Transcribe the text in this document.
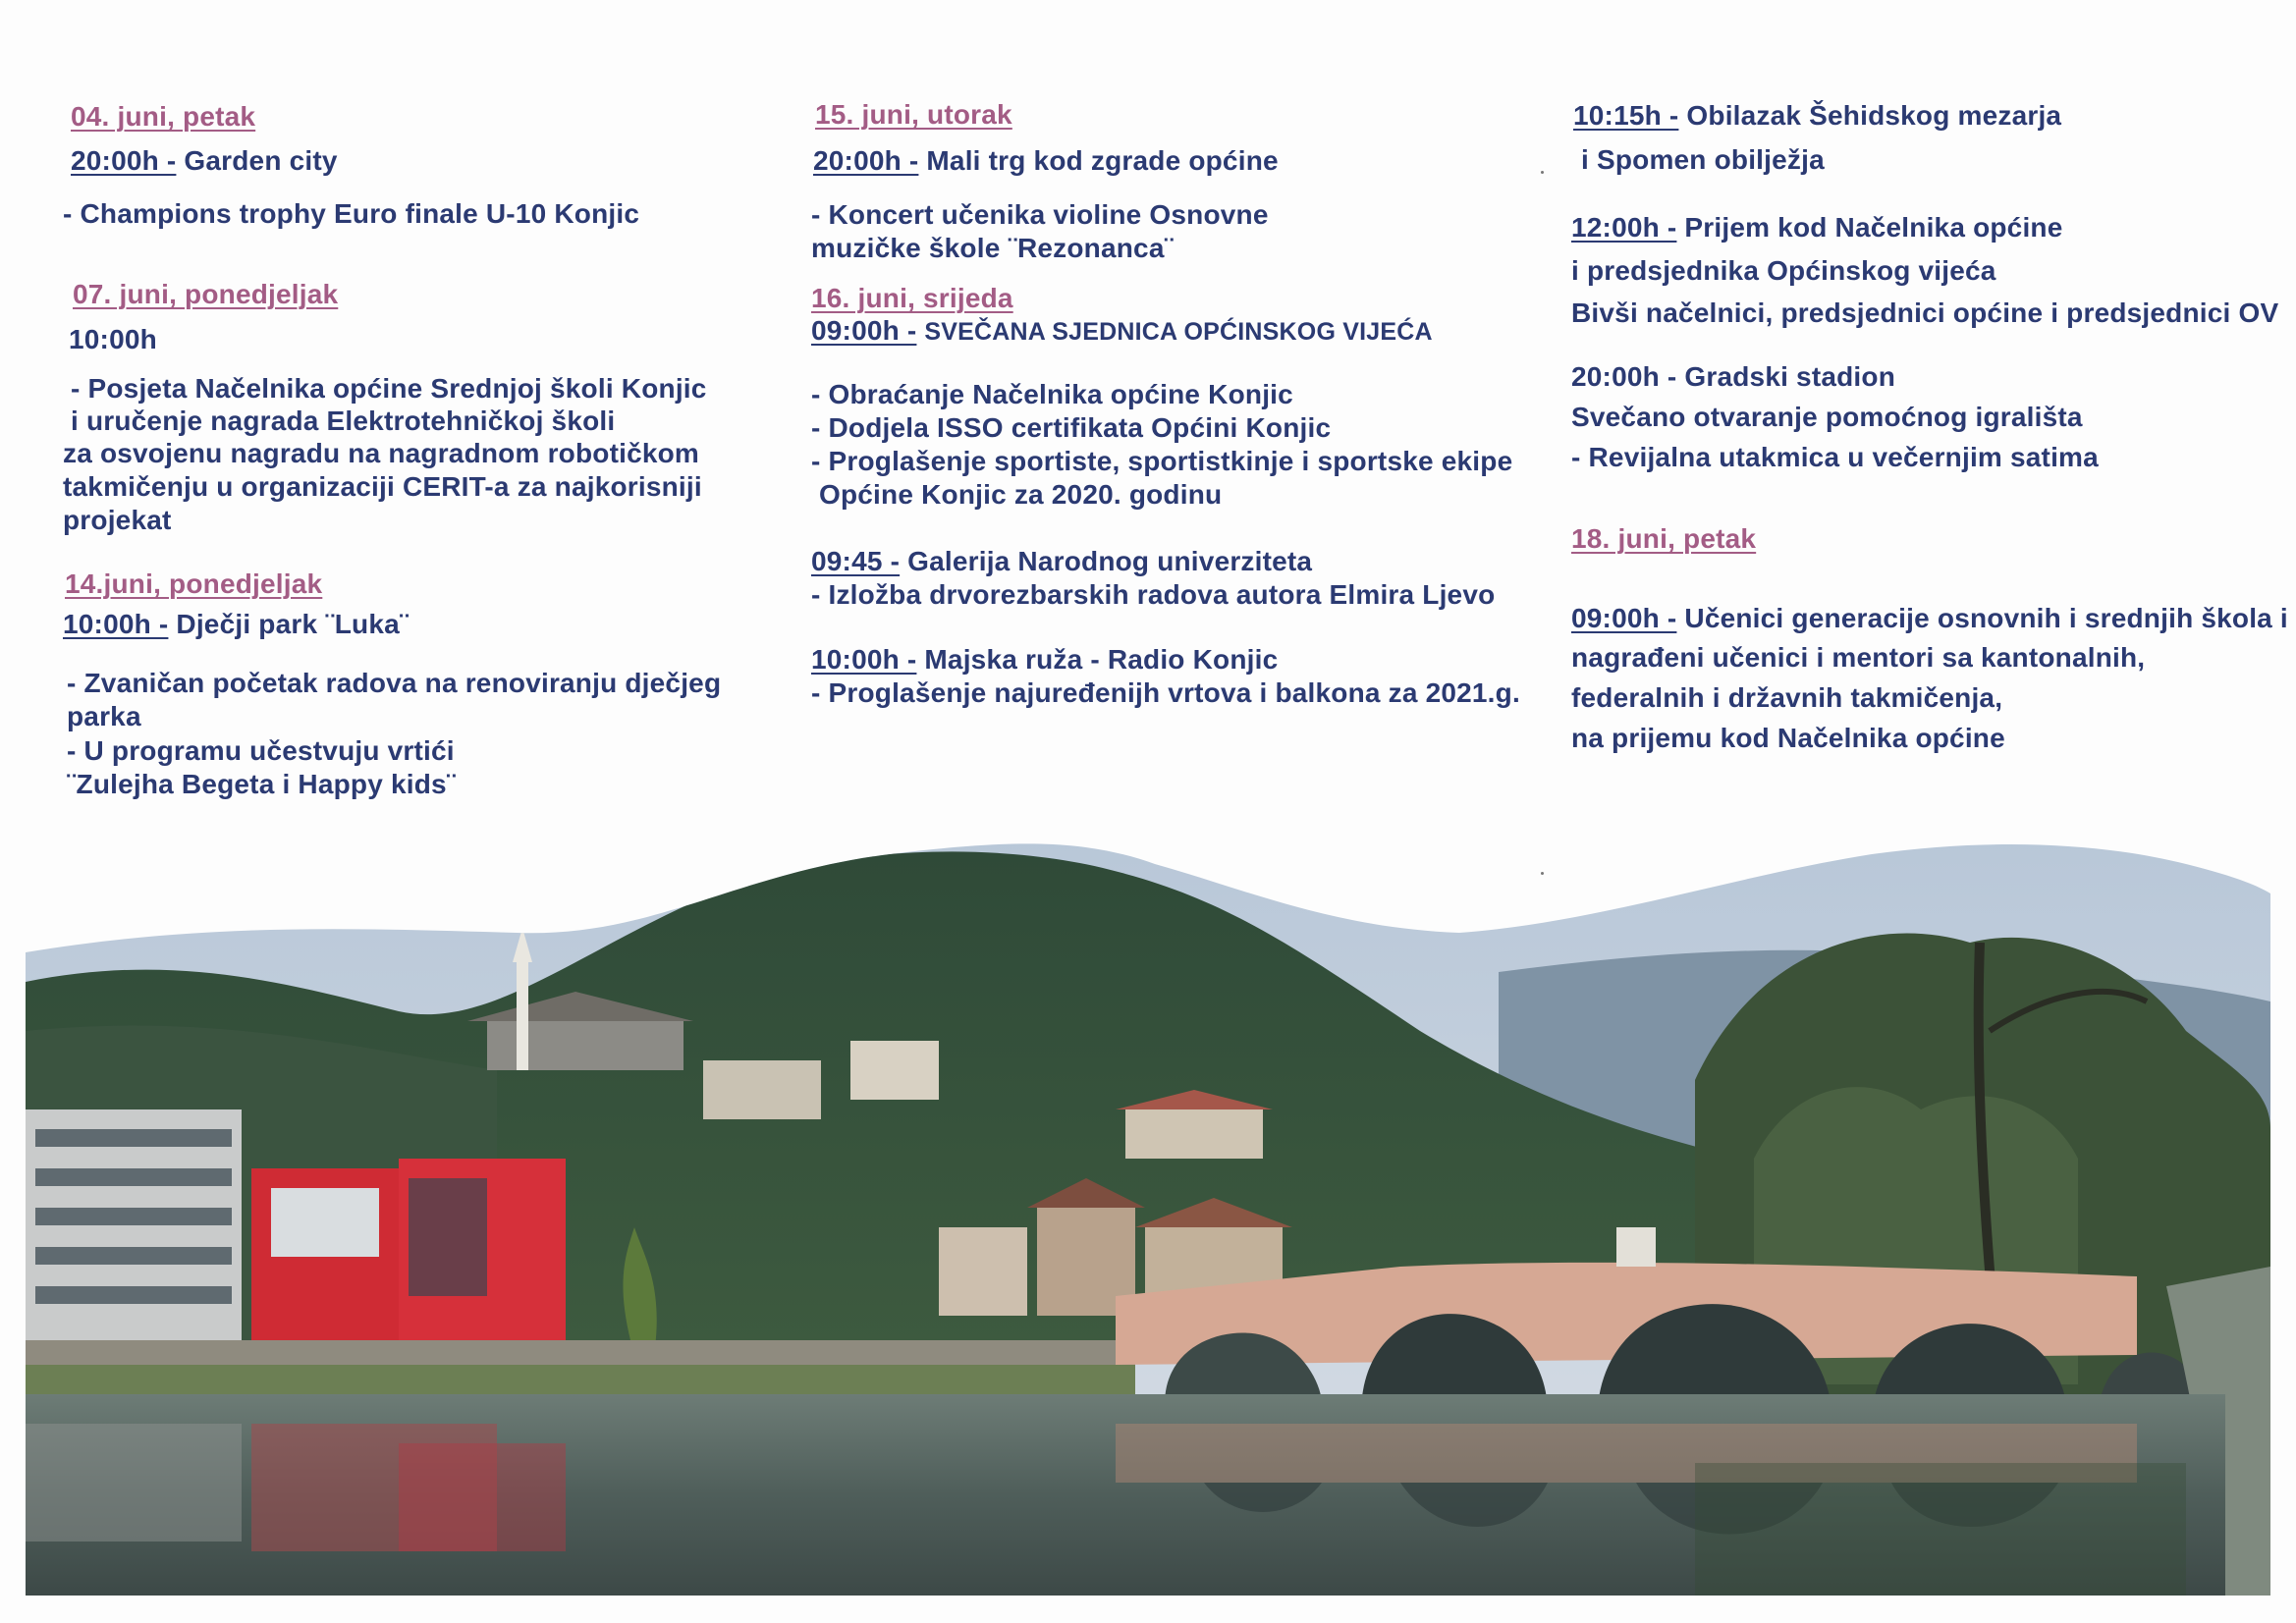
04. juni, petak
20:00h - Garden city
- Champions trophy Euro finale U-10 Konjic
07. juni, ponedjeljak
10:00h
- Posjeta Načelnika općine Srednjoj školi Konjic
i uručenje nagrada Elektrotehničkoj školi
za osvojenu nagradu na nagradnom robotičkom
takmičenju u organizaciji CERIT-a za najkorisniji
projekat
14.juni, ponedjeljak
10:00h - Dječji park ¨Luka¨
- Zvaničan početak radova na renoviranju dječjeg
parka
- U programu učestvuju vrtići
¨Zulejha Begeta i Happy kids¨
15. juni, utorak
20:00h - Mali trg kod zgrade općine
- Koncert učenika violine Osnovne
muzičke škole ¨Rezonanca¨
16. juni, srijeda
09:00h - SVEČANA SJEDNICA OPĆINSKOG VIJEĆA
- Obraćanje Načelnika općine Konjic
- Dodjela ISSO certifikata Općini Konjic
- Proglašenje sportiste, sportistkinje i sportske ekipe
Općine Konjic za 2020. godinu
09:45 - Galerija Narodnog univerziteta
- Izložba drvorezbarskih radova autora Elmira Ljevo
10:00h - Majska ruža - Radio Konjic
- Proglašenje najuređenijh vrtova i balkona za 2021.g.
10:15h - Obilazak Šehidskog mezarja
i Spomen obilježja
12:00h - Prijem kod Načelnika općine
i predsjednika Općinskog vijeća
Bivši načelnici, predsjednici općine i predsjednici OV
20:00h - Gradski stadion
Svečano otvaranje pomoćnog igrališta
- Revijalna utakmica u večernjim satima
18. juni, petak
09:00h - Učenici generacije osnovnih i srednjih škola i
nagrađeni učenici i mentori sa kantonalnih,
federalnih i državnih takmičenja,
na prijemu kod Načelnika općine
